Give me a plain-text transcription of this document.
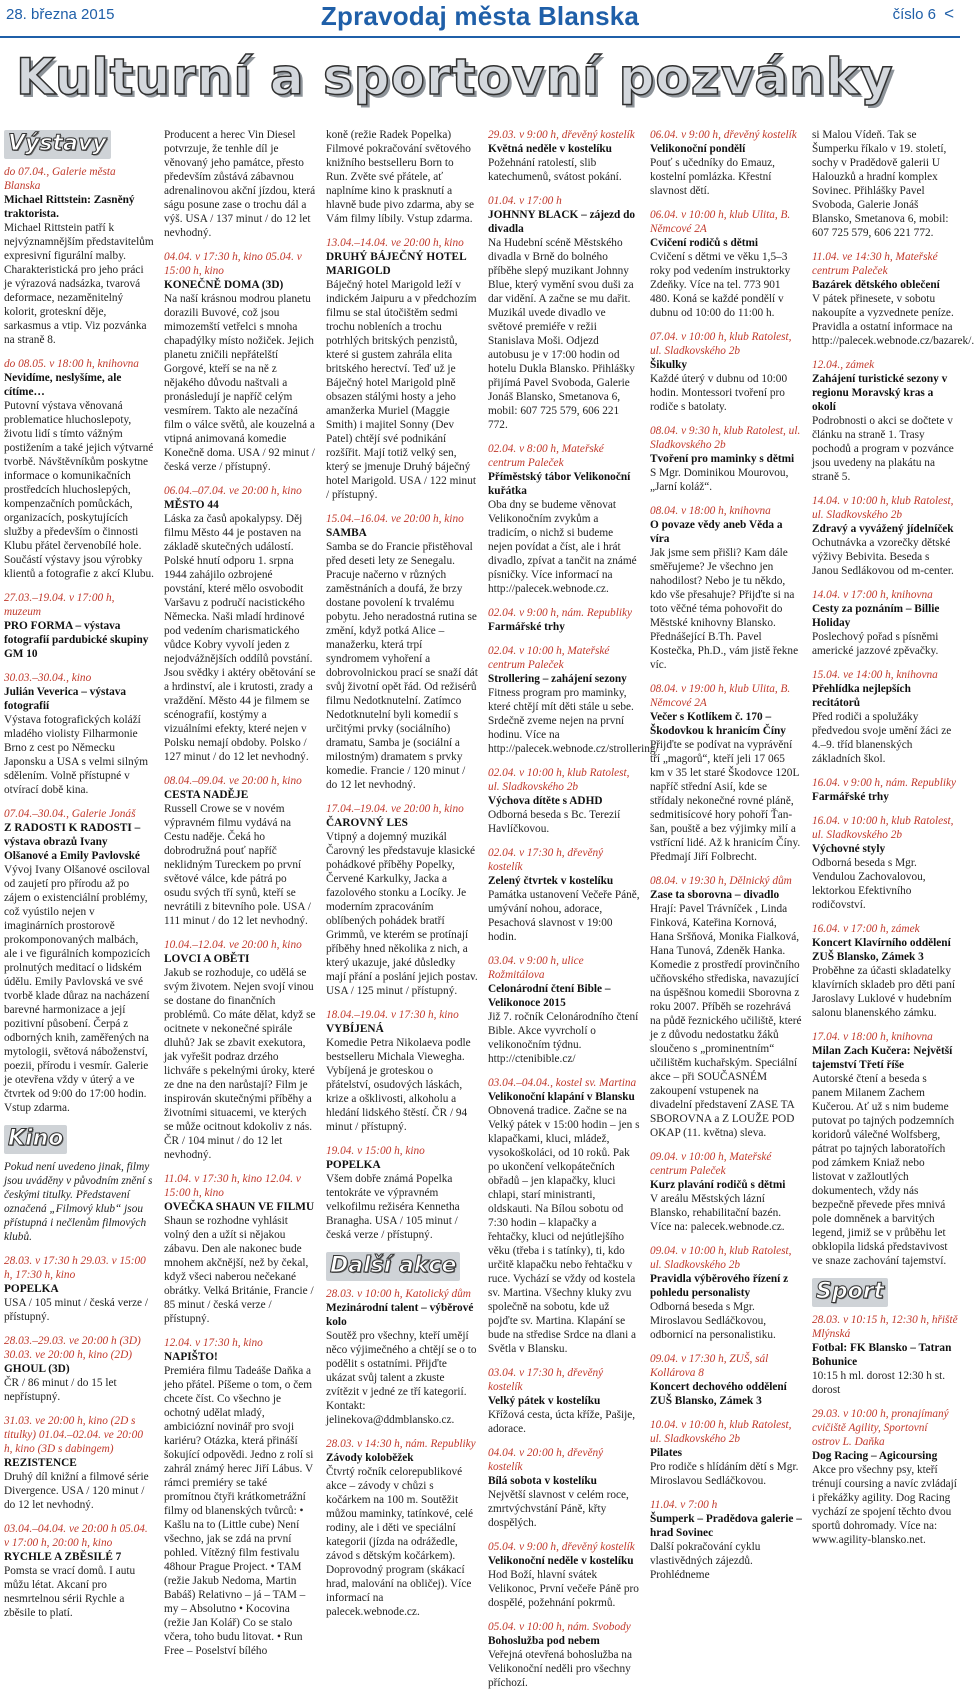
28. března 2015	Zpravodaj města Blanska	číslo 6 <
Kulturní a sportovní pozvánky
Výstavy

do 07.04., Galerie města Blanska

Michael Rittstein: Zasněný traktorista.

Michael Rittstein patří k nejvýznamnějším představitelům expresivní figurální malby. Charakteristická pro jeho práci je výrazová nadsázka, tvarová deformace, nezaměnitelný kolorit, groteskní děje, sarkasmus a vtip. Viz pozvánka na straně 8.

do 08.05. v 18:00 h, knihovna

Nevidíme, neslyšíme, ale cítíme…

Putovní výstava věnovaná problematice hluchoslepoty, životu lidí s tímto vážným postižením a také jejich výtvarné tvorbě. Návštěvníkům poskytne informace o komunikačních prostředcích hluchoslepých, kompenzačních pomůckách, organizacích, poskytujících služby a především o činnosti Klubu přátel červenobílé hole. Součástí výstavy jsou výrobky klientů a fotografie z akcí Klubu.

27.03.–19.04. v 17:00 h, muzeum

PRO FORMA – výstava fotografií pardubické skupiny GM 10

30.03.–30.04., kino

Julián Veverica – výstava fotografií

Výstava fotografických koláží mladého violisty Filharmonie Brno z cest po Německu Japonsku a USA s velmi silným sdělením. Volně přístupné v otvírací době kina.

07.04.–30.04., Galerie Jonáš

Z RADOSTI K RADOSTI – výstava obrazů Ivany Olšanové a Emily Pavlovské

Vývoj Ivany Olšanové osciloval od zaujetí pro přírodu až po zájem o existenciální problémy, což vyústilo nejen v imaginárních prostorově prokomponovaných malbách, ale i ve figurálních kompozicích prolnutých meditací o lidském údělu. Emily Pavlovská ve své tvorbě klade důraz na nacházení barevné harmonizace a její pozitivní působení. Čerpá z odborných knih, zaměřených na mytologii, světová náboženství, poezii, přírodu i vesmír. Galerie je otevřena vždy v úterý a ve čtvrtek od 9:00 do 17:00 hodin. Vstup zdarma.

Kino

Pokud není uvedeno jinak, filmy jsou uváděny v původním znění s českými titulky. Představení označená „Filmový klub“ jsou přístupná i nečlenům filmových klubů.

28.03. v 17:30 h 29.03. v 15:00 h, 17:30 h, kino

POPELKA

USA / 105 minut / česká verze / přístupný.

28.03.–29.03. ve 20:00 h (3D) 30.03. ve 20:00 h, kino (2D)

GHOUL (3D)

ČR / 86 minut / do 15 let nepřístupný.

31.03. ve 20:00 h, kino (2D s titulky) 01.04.–02.04. ve 20:00 h, kino (3D s dabingem)

REZISTENCE

Druhý díl knižní a filmové série Divergence. USA / 120 minut / do 12 let nevhodný.

03.04.–04.04. ve 20:00 h 05.04. v 17:00 h, 20:00 h, kino

RYCHLE A ZBĚSILÉ 7

Pomsta se vrací domů. I autu můžu létat. Akcaní pro nesmrtelnou sérii Rychle a zběsile to platí.

Producent a herec Vin Diesel potvrzuje, že tenhle díl je věnovaný jeho památce, přesto především zůstává zábavnou adrenalinovou akční jízdou, která ságu posune zase o trochu dál a výš. USA / 137 minut / do 12 let nevhodný.

04.04. v 17:30 h, kino 05.04. v 15:00 h, kino

KONEČNĚ DOMA (3D)

Na naší krásnou modrou planetu dorazili Buvové, což jsou mimozemští vetřelci s mnoha chapadýlky místo nožiček. Jejich planetu zničili nepřátelští Gorgové, kteří se na ně z nějakého důvodu naštvali a pronásledují je napříč celým vesmírem. Takto ale nezačíná film o válce světů, ale kouzelná a vtipná animovaná komedie Konečně doma. USA / 92 minut / česká verze / přístupný.

06.04.–07.04. ve 20:00 h, kino

MĚSTO 44

Láska za časů apokalypsy. Děj filmu Město 44 je postaven na základě skutečných událostí. Polské hnutí odporu 1. srpna 1944 zahájilo ozbrojené povstání, které mělo osvobodit Varšavu z područí nacistického Německa. Naši mladí hrdinové pod vedením charismatického vůdce Kobry vyvolí jeden z nejodvážnějších oddílů povstání. Jsou svědky i aktéry obětování se a hrdinství, ale i krutosti, zrady a vraždění. Město 44 je filmem se scénografií, kostýmy a vizuálními efekty, které nejen v Polsku nemají obdoby. Polsko / 127 minut / do 12 let nevhodný.

08.04.–09.04. ve 20:00 h, kino

CESTA NADĚJE

Russell Crowe se v novém výpravném filmu vydává na Cestu naděje. Čeká ho dobrodružná pouť napříč neklidným Tureckem po první světové válce, kde pátrá po osudu svých tří synů, kteří se nevrátili z bitevního pole. USA / 111 minut / do 12 let nevhodný.

10.04.–12.04. ve 20:00 h, kino

LOVCI A OBĚTI

Jakub se rozhoduje, co udělá se svým životem. Nejen svojí vinou se dostane do finančních problémů. Co máte dělat, když se ocitnete v nekonečné spirále dluhů? Jak se zbavit exekutora, jak vyřešit podraz drzého lichváře s pekelnými úroky, které ze dne na den narůstají? Film je inspirován skutečnými příběhy a životními situacemi, ve kterých se může ocitnout kdokoliv z nás. ČR / 104 minut / do 12 let nevhodný.

11.04. v 17:30 h, kino 12.04. v 15:00 h, kino

OVEČKA SHAUN VE FILMU

Shaun se rozhodne vyhlásit volný den a užít si nějakou zábavu. Den ale nakonec bude mnohem akčnější, než by čekal, když všeci naberou nečekané obrátky. Velká Británie, Francie / 85 minut / česká verze / přístupný.

12.04. v 17:30 h, kino

NAPIŠTO!

Premiéra filmu Tadeáše Daňka a jeho přátel. Píšeme o tom, o čem chcete číst. Co všechno je ochotný udělat mladý, ambiciózní novinář pro svoji kariéru? Otázka, která přináší šokující odpovědi. Jedno z rolí si zahrál známý herec Jiří Lábus. V rámci premiéry se také promítnou čtyři krátkometrážní filmy od blanenských tvůrců: • Kašlu na to (Little cube) Není všechno, jak se zdá na první pohled. Vítězný film festivalu 48hour Prague Project. • TAM (režie Jakub Nedoma, Martin Babáš) Relativno – já – TAM – my – Absolutno • Kocovina (režie Jan Kolář) Co se stalo včera, toho budu litovat. • Run Free – Poselství bílého

koně (režie Radek Popelka) Filmové pokračování světového knižního bestselleru Born to Run. Zvěte své přátele, ať naplníme kino k prasknutí a hlavně bude pivo zdarma, aby se Vám filmy líbily. Vstup zdarma.

13.04.–14.04. ve 20:00 h, kino

DRUHÝ BÁJEČNÝ HOTEL MARIGOLD

Báječný hotel Marigold leží v indickém Jaipuru a v předchozím filmu se stal útočištěm sedmi trochu nobleních a trochu potrhlých britských penzistů, které si gustem zahrála elita britského herectví. Teď už je Báječný hotel Marigold plně obsazen stálými hosty a jeho amanžerka Muriel (Maggie Smith) i majitel Sonny (Dev Patel) chtějí své podnikání rozšířit. Mají totiž velký sen, který se jmenuje Druhý báječný hotel Marigold. USA / 122 minut / přístupný.

15.04.–16.04. ve 20:00 h, kino

SAMBA

Samba se do Francie přistěhoval před deseti lety ze Senegalu. Pracuje načerno v různých zaměstnáních a doufá, že brzy dostane povolení k trvalému pobytu. Jeho neradostná rutina se změní, když potká Alice – manažerku, která trpí syndromem vyhoření a dobrovolnickou prací se snaží dát svůj životní opět řád. Od režisérů filmu Nedotknutelní. Zatímco Nedotknutelní byli komedií s určitými prvky (sociálního) dramatu, Samba je (sociální a milostným) dramatem s prvky komedie. Francie / 120 minut / do 12 let nevhodný.

17.04.–19.04. ve 20:00 h, kino

ČAROVNÝ LES

Vtipný a dojemný muzikál Čarovný les představuje klasické pohádkové příběhy Popelky, Červené Karkulky, Jacka a fazolového stonku a Locíky. Je moderním zpracováním oblíbených pohádek bratří Grimmů, ve kterém se protínají příběhy hned několika z nich, a který ukazuje, jaké důsledky mají přání a poslání jejich postav. USA / 125 minut / přístupný.

18.04.–19.04. v 17:30 h, kino

VYBÍJENÁ

Komedie Petra Nikolaeva podle bestselleru Michala Viewegha. Vybíjená je groteskou o přátelství, osudových láskách, krize a ošklivosti, alkoholu a hledání lidského štěstí. ČR / 94 minut / přístupný.

19.04. v 15:00 h, kino

POPELKA

Všem dobře známá Popelka tentokráte ve výpravném velkofilmu režiséra Kennetha Branagha. USA / 105 minut / česká verze / přístupný.

Další akce

28.03. v 10:00 h, Katolický dům

Mezinárodní talent – výběrové kolo

Soutěž pro všechny, kteří umějí něco výjimečného a chtějí se o to podělit s ostatními. Přijďte ukázat svůj talent a zkuste zvítězit v jedné ze tří kategorií. Kontakt: jelinekova@ddmblansko.cz.

28.03. v 14:30 h, nám. Republiky

Závody koloběžek

Čtvrtý ročník celorepublikové akce – závody v chůzi s kočárkem na 100 m. Soutěžit můžou maminky, tatínkové, celé rodiny, ale i děti ve speciální kategorii (jízda na odrážedle, závod s dětským kočárkem). Doprovodný program (skákací hrad, malování na obličej). Více informací na palecek.webnode.cz.

29.03. v 9:00 h, dřevěný kostelík

Květná neděle v kostelíku

Požehnání ratolestí, slib katechumenů, svátost pokání.

01.04. v 17:00 h

JOHNNY BLACK – zájezd do divadla

Na Hudební scéně Městského divadla v Brně do bolného příběhe slepý muzikant Johnny Blue, který vymění svou duši za dar vidění. A začne se mu dařit. Muzikál uvede divadlo ve světové premiéře v režii Stanislava Moši. Odjezd autobusu je v 17:00 hodin od hotelu Dukla Blansko. Přihlášky přijímá Pavel Svoboda, Galerie Jonáš Blansko, Smetanova 6, mobil: 607 725 579, 606 221 772.

02.04. v 8:00 h, Mateřské centrum Paleček

Příměstský tábor Velikonoční kuřátka

Oba dny se budeme věnovat Velikonočním zvykům a tradicím, o nichž si budeme nejen povídat a číst, ale i hrát divadlo, zpívat a tančit na známé písničky. Více informací na http://palecek.webnode.cz.

02.04. v 9:00 h, nám. Republiky

Farmářské trhy

02.04. v 10:00 h, Mateřské centrum Paleček

Strollering – zahájení sezony

Fitness program pro maminky, které chtějí mít děti stále u sebe. Srdečně zveme nejen na první hodinu. Více na http://palecek.webnode.cz/strollering/

02.04. v 10:00 h, klub Ratolest, ul. Sladkovského 2b

Výchova dítěte s ADHD

Odborná beseda s Bc. Terezií Havlíčkovou.

02.04. v 17:30 h, dřevěný kostelík

Zelený čtvrtek v kostelíku

Památka ustanovení Večeře Páně, umývání nohou, adorace, Pesachová slavnost v 19:00 hodin.

03.04. v 9:00 h, ulice Rožmitálova

Celonárodní čtení Bible – Velikonoce 2015

Již 7. ročník Celonárodního čtení Bible. Akce vyvrcholí o velikonočním týdnu. http://ctenibible.cz/

03.04.–04.04., kostel sv. Martina

Velikonoční klapání v Blansku

Obnovená tradice. Začne se na Velký pátek v 15:00 hodin – jen s klapačkami, kluci, mládež, vysokoškoláci, od 10 roků. Pak po ukončení velkopátečních obřadů – jen klapačky, kluci chlapi, starí ministranti, oldskauti. Na Bílou sobotu od 7:30 hodin – klapačky a řehtačky, kluci od nejútlejšího věku (třeba i s tatínky), ti, kdo určitě klapačku nebo řehtačku v ruce. Vychází se vždy od kostela sv. Martina. Všechny kluky zvu společně na sobotu, kde už pojďte sv. Martina. Klapání se bude na středise Srdce na dlani a Světla v Blansku.

03.04. v 17:30 h, dřevěný kostelík

Velký pátek v kostelíku

Křížová cesta, úcta kříže, Pašije, adorace.

04.04. v 20:00 h, dřevěný kostelík

Bílá sobota v kostelíku

Největší slavnost v celém roce, zmrtvýchvstání Páně, křty dospělých.

05.04. v 9:00 h, dřevěný kostelík

Velikonoční neděle v kostelíku

Hod Boží, hlavní svátek Velikonoc, První večeře Páně pro dospělé, požehnání pokrmů.

05.04. v 10:00 h, nám. Svobody

Bohoslužba pod nebem

Veřejná otevřená bohoslužba na Velikonoční neděli pro všechny příchozí.

06.04. v 9:00 h, dřevěný kostelík

Velikonoční pondělí

Pouť s učedníky do Emauz, kostelní pomlázka. Křestní slavnost dětí.

06.04. v 10:00 h, klub Ulita, B. Němcové 2A

Cvičení rodičů s dětmi

Cvičení s dětmi ve věku 1,5–3 roky pod vedením instruktorky Zdeňky. Více na tel. 773 901 480. Koná se každé pondělí v dubnu od 10:00 do 11:00 h.

07.04. v 10:00 h, klub Ratolest, ul. Sladkovského 2b

Šikulky

Každé úterý v dubnu od 10:00 hodin. Montessori tvoření pro rodiče s batolaty.

08.04. v 9:30 h, klub Ratolest, ul. Sladkovského 2b

Tvoření pro maminky s dětmi

S Mgr. Dominikou Mourovou, „Jarní koláž“.

08.04. v 18:00 h, knihovna

O povaze vědy aneb Věda a víra

Jak jsme sem přišli? Kam dále směřujeme? Je všechno jen nahodilost? Nebo je tu někdo, kdo vše přesahuje? Přijďte si na toto věčné téma pohovořit do Městské knihovny Blansko. Přednášející B.Th. Pavel Kostečka, Ph.D., vám jistě řekne víc.

08.04. v 19:00 h, klub Ulita, B. Němcové 2A

Večer s Kotlíkem č. 170 – Škodovkou k hranicím Číny

Přijďte se podívat na vyprávění tří „magorů“, kteří jeli 17 065 km v 35 let staré Škodovce 120L napříč střední Asií, kde se střídaly nekonečné rovné pláně, sedmitisícové hory pohoří Ťan-šan, pouště a bez výjimky milí a vstřícní lidé. Až k hranicím Číny. Předmají Jiří Folbrecht.

08.04. v 19:30 h, Dělnický dům

Zase ta sborovna – divadlo

Hrají: Pavel Trávníček , Linda Finková, Kateřina Kornová, Hana Sršňová, Monika Fialková, Hana Tunová, Zdeněk Hanka. Komedie z prostředí provinčního učňovského střediska, navazující na úspěšnou komedii Sborovna z roku 2007. Příběh se rozehrává na půdě řeznického učiliště, které je z důvodu nedostatku žáků sloučeno s „prominentním“ učilištěm kuchařským. Speciální akce – při SOUČASNÉM zakoupení vstupenek na divadelní představení ZASE TA SBOROVNA a Z LOUŽE POD OKAP (11. května) sleva.

09.04. v 10:00 h, Mateřské centrum Paleček

Kurz plavání rodičů s dětmi

V areálu Městských lázní Blansko, rehabilitační bazén. Více na: palecek.webnode.cz.

09.04. v 10:00 h, klub Ratolest, ul. Sladkovského 2b

Pravidla výběrového řízení z pohledu personalisty

Odborná beseda s Mgr. Miroslavou Sedláčkovou, odbornicí na personalistiku.

09.04. v 17:30 h, ZUŠ, sál Kollárova 8

Koncert dechového oddělení ZUŠ Blansko, Zámek 3

10.04. v 10:00 h, klub Ratolest, ul. Sladkovského 2b

Pilates

Pro rodiče s hlídáním dětí s Mgr. Miroslavou Sedláčkovou.

11.04. v 7:00 h

Šumperk – Pradědova galerie – hrad Sovinec

Další pokračování cyklu vlastivědných zájezdů. Prohlédneme

si Malou Vídeň. Tak se Šumperku říkalo v 19. století, sochy v Pradědově galerii U Halouzků a hradní komplex Sovinec. Přihlášky Pavel Svoboda, Galerie Jonáš Blansko, Smetanova 6, mobil: 607 725 579, 606 221 772.

11.04. ve 14:30 h, Mateřské centrum Paleček

Bazárek dětského oblečení

V pátek přinesete, v sobotu nakoupíte a vyzvednete peníze. Pravidla a ostatní informace na http://palecek.webnode.cz/bazarek/.

12.04., zámek

Zahájení turistické sezony v regionu Moravský kras a okolí

Podrobnosti o akci se dočtete v článku na straně 1. Trasy pochodů a program v pozvánce jsou uvedeny na plakátu na straně 5.

14.04. v 10:00 h, klub Ratolest, ul. Sladkovského 2b

Zdravý a vyvážený jídelníček

Ochutnávka a vzorečky dětské výživy Bebivita. Beseda s Janou Sedlákovou od m-center.

14.04. v 17:00 h, knihovna

Cesty za poznáním – Billie Holiday

Poslechový pořad s písněmi americké jazzové zpěvačky.

15.04. ve 14:00 h, knihovna

Přehlídka nejlepších recitátorů

Před rodiči a spolužáky předvedou svoje umění žáci ze 4.–9. tříd blanenských základních škol.

16.04. v 9:00 h, nám. Republiky

Farmářské trhy

16.04. v 10:00 h, klub Ratolest, ul. Sladkovského 2b

Výchovné styly

Odborná beseda s Mgr. Vendulou Zachovalovou, lektorkou Efektivního rodičovství.

16.04. v 17:00 h, zámek

Koncert Klavírního oddělení ZUŠ Blansko, Zámek 3

Proběhne za účasti skladatelky klavírních skladeb pro děti paní Jaroslavy Luklové v hudebním salonu blanenského zámku.

17.04. v 18:00 h, knihovna

Milan Zach Kučera: Největší tajemství Třetí říše

Autorské čtení a beseda s panem Milanem Zachem Kučerou. Ať už s nim budeme putovat po tajných podzemních koridorů válečné Wolfsberg, pátrat po tajných laboratořích pod zámkem Kniaž nebo listovat v zažloutlých dokumentech, vždy nás bezpečně převede přes mnivá pole domněnek a barvitých legend, jimiž se v průběhu let obklopila lidská představivost ve snaze zachování tajemství.

Sport

28.03. v 10:15 h, 12:30 h, hřiště Mlýnská

Fotbal: FK Blansko – Tatran Bohunice

10:15 h ml. dorost 12:30 h st. dorost

29.03. v 10:00 h, pronajímaný cvičiště Agility, Sportovní ostrov L. Daňka

Dog Racing – Agicoursing

Akce pro všechny psy, kteří trénují coursing a navíc zvládají i překážky agility. Dog Racing vychází ze spojení těchto dvou sportů dohromady. Více na: www.agility-blansko.net.
